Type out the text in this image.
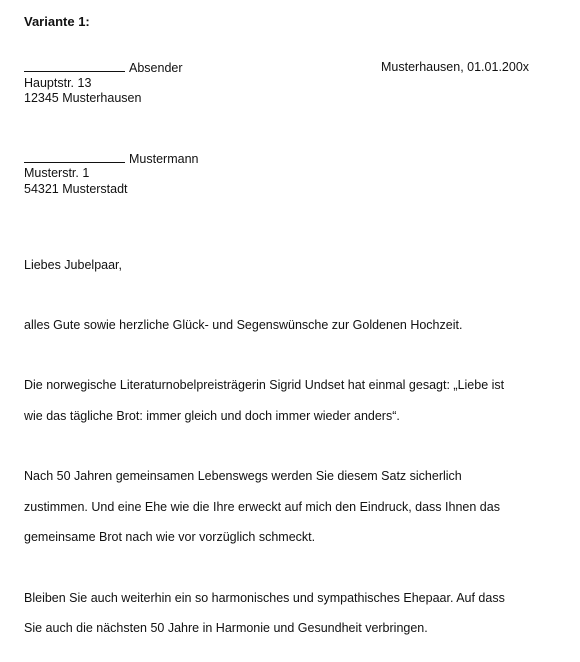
Variante 1:
Absender	Musterhausen, 01.01.200x
Hauptstr. 13
12345 Musterhausen
Mustermann
Musterstr. 1
54321 Musterstadt
Liebes Jubelpaar,
alles Gute sowie herzliche Glück- und Segenswünsche zur Goldenen Hochzeit.
Die norwegische Literaturnobelpreisträgerin Sigrid Undset hat einmal gesagt: „Liebe ist
wie das tägliche Brot: immer gleich und doch immer wieder anders“.
Nach 50 Jahren gemeinsamen Lebenswegs werden Sie diesem Satz sicherlich
zustimmen. Und eine Ehe wie die Ihre erweckt auf mich den Eindruck, dass Ihnen das
gemeinsame Brot nach wie vor vorzüglich schmeckt.
Bleiben Sie auch weiterhin ein so harmonisches und sympathisches Ehepaar. Auf dass
Sie auch die nächsten 50 Jahre in Harmonie und Gesundheit verbringen.
